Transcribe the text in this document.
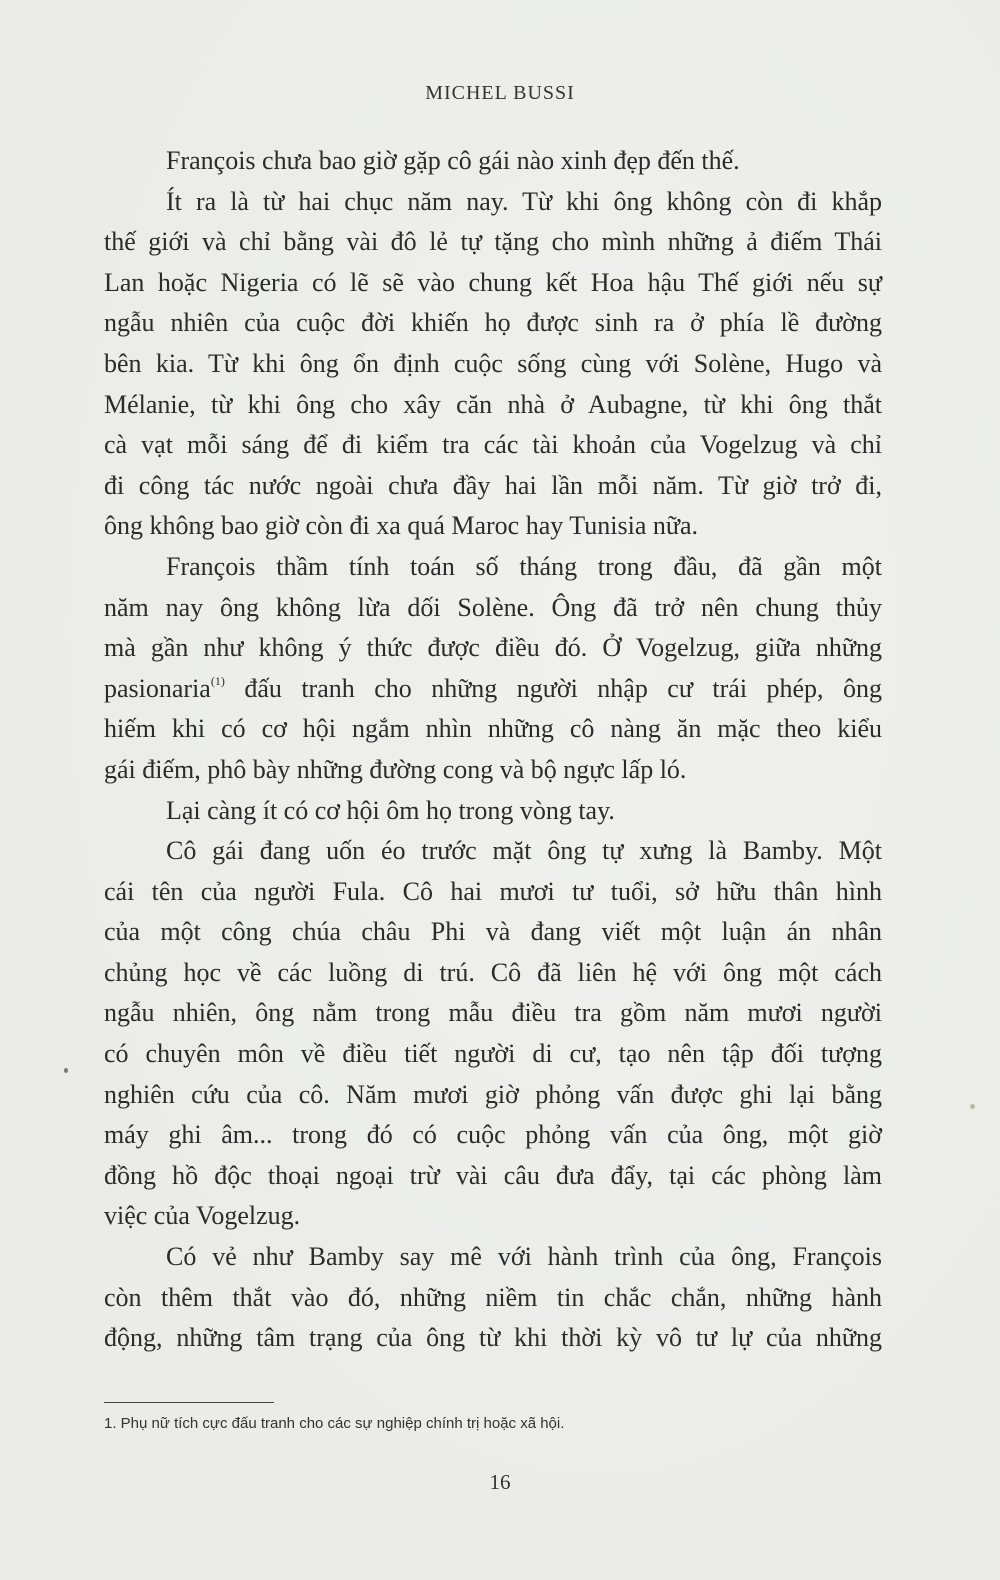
MICHEL BUSSI
François chưa bao giờ gặp cô gái nào xinh đẹp đến thế.
Ít ra là từ hai chục năm nay. Từ khi ông không còn đi khắp
thế giới và chỉ bằng vài đô lẻ tự tặng cho mình những ả điếm Thái
Lan hoặc Nigeria có lẽ sẽ vào chung kết Hoa hậu Thế giới nếu sự
ngẫu nhiên của cuộc đời khiến họ được sinh ra ở phía lề đường
bên kia. Từ khi ông ổn định cuộc sống cùng với Solène, Hugo và
Mélanie, từ khi ông cho xây căn nhà ở Aubagne, từ khi ông thắt
cà vạt mỗi sáng để đi kiểm tra các tài khoản của Vogelzug và chỉ
đi công tác nước ngoài chưa đầy hai lần mỗi năm. Từ giờ trở đi,
ông không bao giờ còn đi xa quá Maroc hay Tunisia nữa.
François thầm tính toán số tháng trong đầu, đã gần một
năm nay ông không lừa dối Solène. Ông đã trở nên chung thủy
mà gần như không ý thức được điều đó. Ở Vogelzug, giữa những
pasionaria$^{(1)}$ đấu tranh cho những người nhập cư trái phép, ông
hiếm khi có cơ hội ngắm nhìn những cô nàng ăn mặc theo kiểu
gái điếm, phô bày những đường cong và bộ ngực lấp ló.
Lại càng ít có cơ hội ôm họ trong vòng tay.
Cô gái đang uốn éo trước mặt ông tự xưng là Bamby. Một
cái tên của người Fula. Cô hai mươi tư tuổi, sở hữu thân hình
của một công chúa châu Phi và đang viết một luận án nhân
chủng học về các luồng di trú. Cô đã liên hệ với ông một cách
ngẫu nhiên, ông nằm trong mẫu điều tra gồm năm mươi người
có chuyên môn về điều tiết người di cư, tạo nên tập đối tượng
nghiên cứu của cô. Năm mươi giờ phỏng vấn được ghi lại bằng
máy ghi âm... trong đó có cuộc phỏng vấn của ông, một giờ
đồng hồ độc thoại ngoại trừ vài câu đưa đẩy, tại các phòng làm
việc của Vogelzug.
Có vẻ như Bamby say mê với hành trình của ông, François
còn thêm thắt vào đó, những niềm tin chắc chắn, những hành
động, những tâm trạng của ông từ khi thời kỳ vô tư lự của những
1. Phụ nữ tích cực đấu tranh cho các sự nghiệp chính trị hoặc xã hội.
16
